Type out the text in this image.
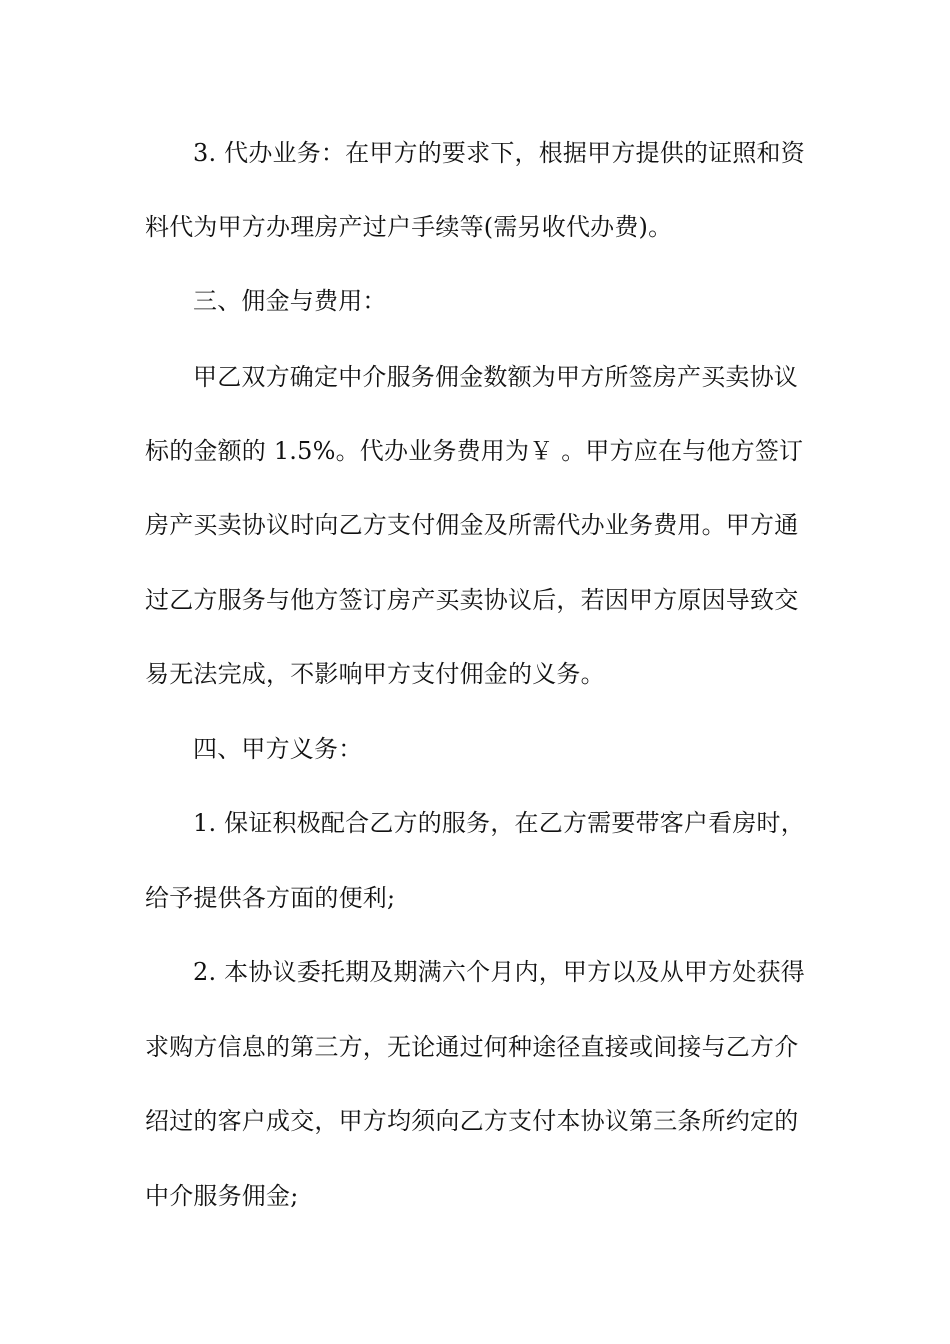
3. 代办业务：在甲方的要求下，根据甲方提供的证照和资
料代为甲方办理房产过户手续等(需另收代办费)。
三、佣金与费用：
甲乙双方确定中介服务佣金数额为甲方所签房产买卖协议
标的金额的 1.5%。代办业务费用为￥ 。甲方应在与他方签订
房产买卖协议时向乙方支付佣金及所需代办业务费用。甲方通
过乙方服务与他方签订房产买卖协议后，若因甲方原因导致交
易无法完成，不影响甲方支付佣金的义务。
四、甲方义务：
1. 保证积极配合乙方的服务，在乙方需要带客户看房时，
给予提供各方面的便利;
2. 本协议委托期及期满六个月内，甲方以及从甲方处获得
求购方信息的第三方，无论通过何种途径直接或间接与乙方介
绍过的客户成交，甲方均须向乙方支付本协议第三条所约定的
中介服务佣金;
